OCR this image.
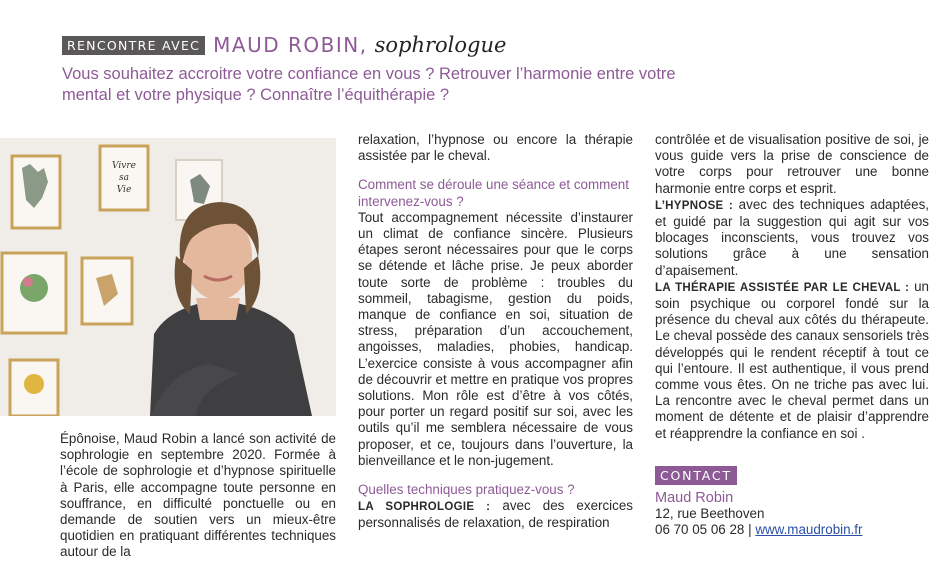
RENCONTRE AVEC MAUD ROBIN, sophrologue

Vous souhaitez accroitre votre confiance en vous ? Retrouver l’harmonie entre votre mental et votre physique ? Connaître l’équithérapie ?

Vivre
sa
Vie

Épônoise, Maud Robin a lancé son activité de sophrologie en septembre 2020. Formée à l’école de sophrologie et d’hypnose spirituelle à Paris, elle accompagne toute personne en souffrance, en difficulté ponctuelle ou en demande de soutien vers un mieux-être quotidien en pratiquant différentes techniques autour de la

relaxation, l’hypnose ou encore la thérapie assistée par le cheval.

Comment se déroule une séance et comment intervenez-vous ?

Tout accompagnement nécessite d’instaurer un climat de confiance sincère. Plusieurs étapes seront nécessaires pour que le corps se détende et lâche prise. Je peux aborder toute sorte de problème : troubles du sommeil, tabagisme, gestion du poids, manque de confiance en soi, situation de stress, préparation d’un accouchement, angoisses, maladies, phobies, handicap. L’exercice consiste à vous accompagner afin de découvrir et mettre en pratique vos propres solutions. Mon rôle est d’être à vos côtés, pour porter un regard positif sur soi, avec les outils qu’il me semblera nécessaire de vous proposer, et ce, toujours dans l’ouverture, la bienveillance et le non-jugement.

Quelles techniques pratiquez-vous ?

LA SOPHROLOGIE : avec des exercices personnalisés de relaxation, de respiration

contrôlée et de visualisation positive de soi, je vous guide vers la prise de conscience de votre corps pour retrouver une bonne harmonie entre corps et esprit.

L’HYPNOSE : avec des techniques adaptées, et guidé par la suggestion qui agit sur vos blocages inconscients, vous trouvez vos solutions grâce à une sensation d’apaisement.

LA THÉRAPIE ASSISTÉE PAR LE CHEVAL : un soin psychique ou corporel fondé sur la présence du cheval aux côtés du thérapeute. Le cheval possède des canaux sensoriels très développés qui le rendent réceptif à tout ce qui l’entoure. Il est authentique, il vous prend comme vous êtes. On ne triche pas avec lui. La rencontre avec le cheval permet dans un moment de détente et de plaisir d’apprendre et réapprendre la confiance en soi .

CONTACT

Maud Robin

12, rue Beethoven

06 70 05 06 28 | www.maudrobin.fr
